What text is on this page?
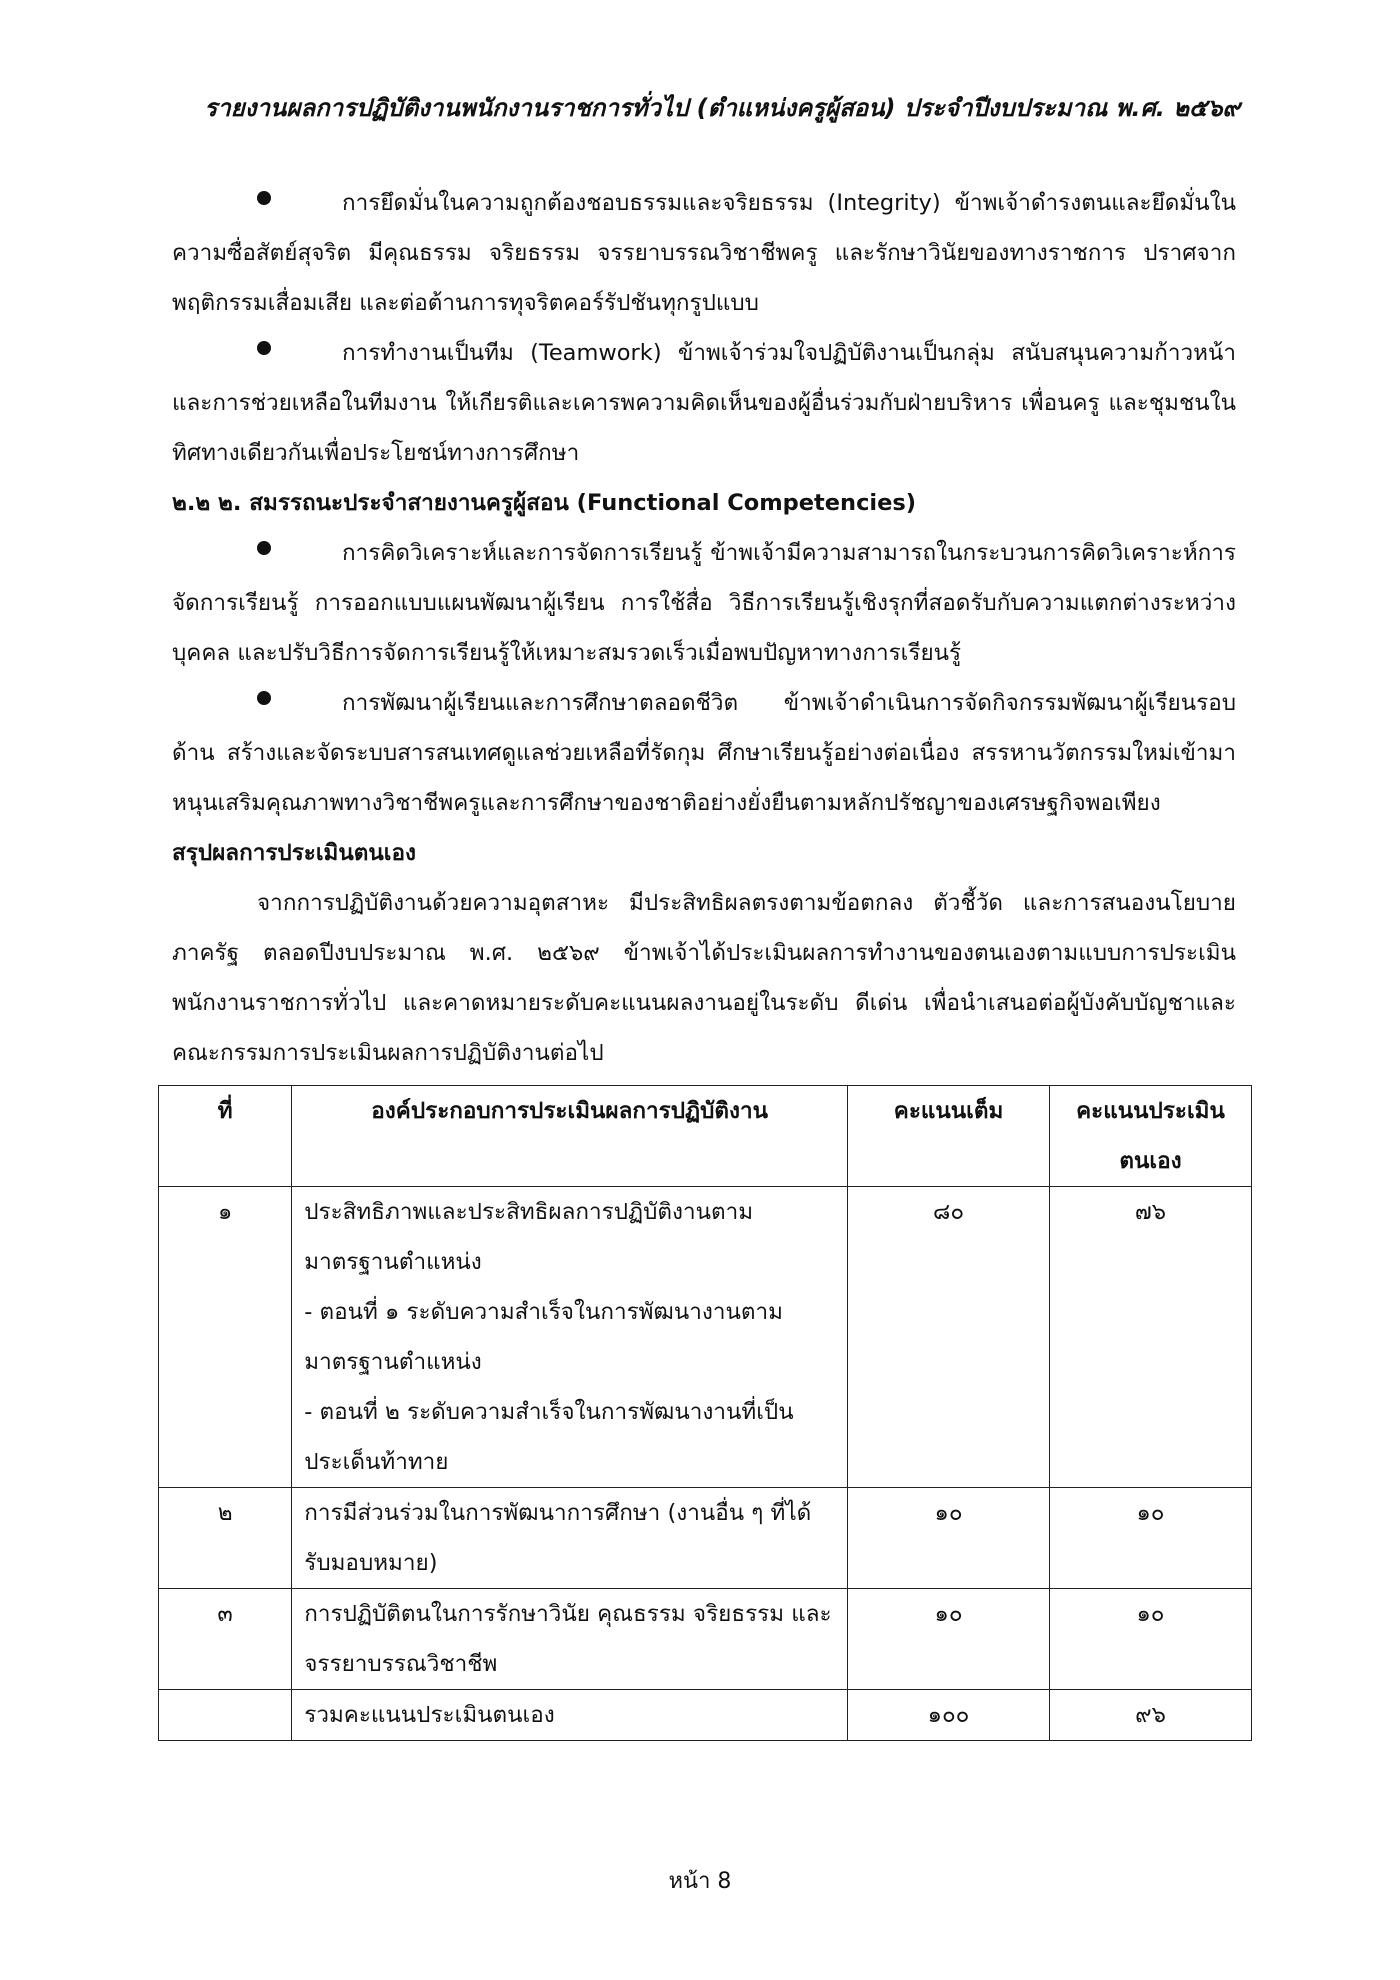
รายงานผลการปฏิบัติงานพนักงานราชการทั่วไป (ตำแหน่งครูผู้สอน) ประจำปีงบประมาณ พ.ศ. ๒๕๖๙

การยึดมั่นในความถูกต้องชอบธรรมและจริยธรรม (Integrity) ข้าพเจ้าดำรงตนและยึดมั่นในความซื่อสัตย์สุจริต มีคุณธรรม จริยธรรม จรรยาบรรณวิชาชีพครู และรักษาวินัยของทางราชการ ปราศจากพฤติกรรมเสื่อมเสีย และต่อต้านการทุจริตคอร์รัปชันทุกรูปแบบ

การทำงานเป็นทีม (Teamwork) ข้าพเจ้าร่วมใจปฏิบัติงานเป็นกลุ่ม สนับสนุนความก้าวหน้าและการช่วยเหลือในทีมงาน ให้เกียรติและเคารพความคิดเห็นของผู้อื่นร่วมกับฝ่ายบริหาร เพื่อนครู และชุมชนในทิศทางเดียวกันเพื่อประโยชน์ทางการศึกษา

๒.๒ ๒. สมรรถนะประจำสายงานครูผู้สอน (Functional Competencies)

การคิดวิเคราะห์และการจัดการเรียนรู้ ข้าพเจ้ามีความสามารถในกระบวนการคิดวิเคราะห์การจัดการเรียนรู้ การออกแบบแผนพัฒนาผู้เรียน การใช้สื่อ วิธีการเรียนรู้เชิงรุกที่สอดรับกับความแตกต่างระหว่างบุคคล และปรับวิธีการจัดการเรียนรู้ให้เหมาะสมรวดเร็วเมื่อพบปัญหาทางการเรียนรู้

การพัฒนาผู้เรียนและการศึกษาตลอดชีวิต ข้าพเจ้าดำเนินการจัดกิจกรรมพัฒนาผู้เรียนรอบด้าน สร้างและจัดระบบสารสนเทศดูแลช่วยเหลือที่รัดกุม ศึกษาเรียนรู้อย่างต่อเนื่อง สรรหานวัตกรรมใหม่เข้ามาหนุนเสริมคุณภาพทางวิชาชีพครูและการศึกษาของชาติอย่างยั่งยืนตามหลักปรัชญาของเศรษฐกิจพอเพียง

สรุปผลการประเมินตนเอง

จากการปฏิบัติงานด้วยความอุตสาหะ มีประสิทธิผลตรงตามข้อตกลง ตัวชี้วัด และการสนองนโยบายภาครัฐ ตลอดปีงบประมาณ พ.ศ. ๒๕๖๙ ข้าพเจ้าได้ประเมินผลการทำงานของตนเองตามแบบการประเมินพนักงานราชการทั่วไป และคาดหมายระดับคะแนนผลงานอยู่ในระดับ ดีเด่น เพื่อนำเสนอต่อผู้บังคับบัญชาและคณะกรรมการประเมินผลการปฏิบัติงานต่อไป

ที่	องค์ประกอบการประเมินผลการปฏิบัติงาน	คะแนนเต็ม	คะแนนประเมินตนเอง
๑	ประสิทธิภาพและประสิทธิผลการปฏิบัติงานตามมาตรฐานตำแหน่ง
- ตอนที่ ๑ ระดับความสำเร็จในการพัฒนางานตามมาตรฐานตำแหน่ง
- ตอนที่ ๒ ระดับความสำเร็จในการพัฒนางานที่เป็นประเด็นท้าทาย	๘๐	๗๖
๒	การมีส่วนร่วมในการพัฒนาการศึกษา (งานอื่น ๆ ที่ได้รับมอบหมาย)	๑๐	๑๐
๓	การปฏิบัติตนในการรักษาวินัย คุณธรรม จริยธรรม และจรรยาบรรณวิชาชีพ	๑๐	๑๐
	รวมคะแนนประเมินตนเอง	๑๐๐	๙๖
หน้า 8
